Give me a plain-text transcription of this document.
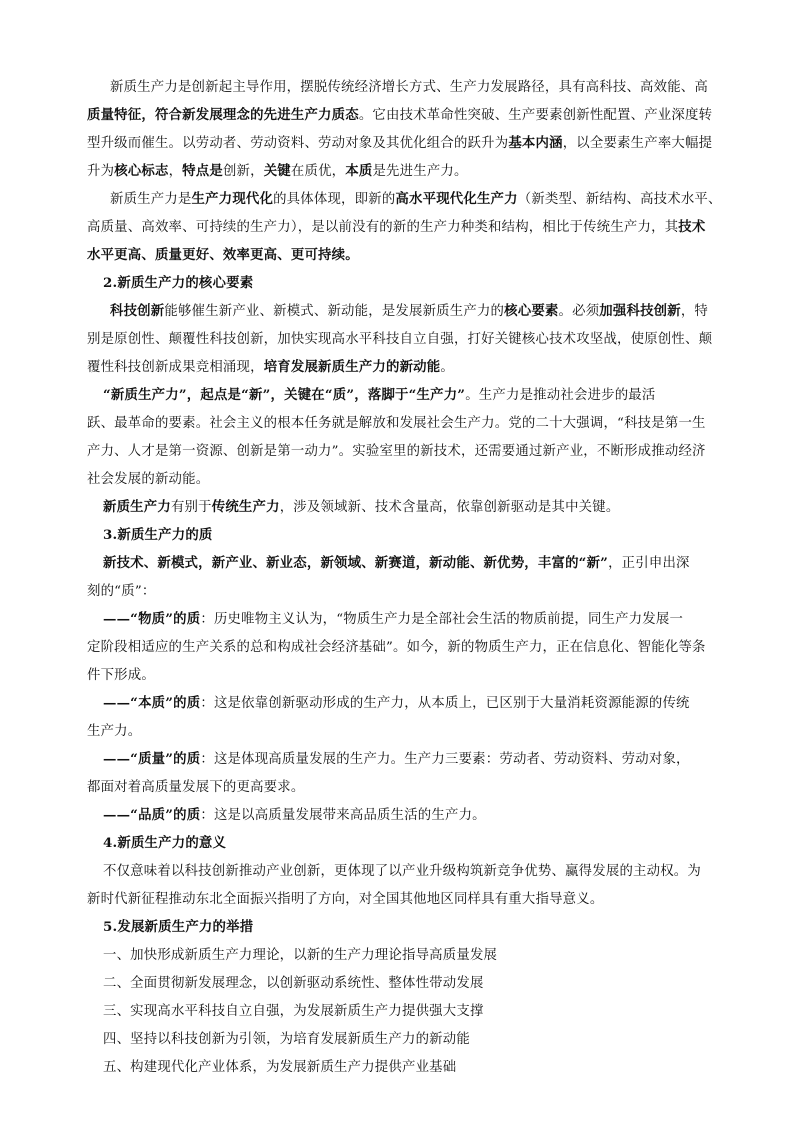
新质生产力是创新起主导作用，摆脱传统经济增长方式、生产力发展路径，具有高科技、高效能、高
质量特征，符合新发展理念的先进生产力质态。它由技术革命性突破、生产要素创新性配置、产业深度转
型升级而催生。以劳动者、劳动资料、劳动对象及其优化组合的跃升为基本内涵，以全要素生产率大幅提
升为核心标志，特点是创新，关键在质优，本质是先进生产力。
新质生产力是生产力现代化的具体体现，即新的高水平现代化生产力（新类型、新结构、高技术水平、
高质量、高效率、可持续的生产力），是以前没有的新的生产力种类和结构，相比于传统生产力，其技术
水平更高、质量更好、效率更高、更可持续。
2.新质生产力的核心要素
科技创新能够催生新产业、新模式、新动能，是发展新质生产力的核心要素。必须加强科技创新，特
别是原创性、颠覆性科技创新，加快实现高水平科技自立自强，打好关键核心技术攻坚战，使原创性、颠
覆性科技创新成果竞相涌现，培育发展新质生产力的新动能。
“新质生产力”，起点是“新”，关键在“质”，落脚于“生产力”。生产力是推动社会进步的最活
跃、最革命的要素。社会主义的根本任务就是解放和发展社会生产力。党的二十大强调，“科技是第一生
产力、人才是第一资源、创新是第一动力”。实验室里的新技术，还需要通过新产业，不断形成推动经济
社会发展的新动能。
新质生产力有别于传统生产力，涉及领域新、技术含量高，依靠创新驱动是其中关键。
3.新质生产力的质
新技术、新模式，新产业、新业态，新领域、新赛道，新动能、新优势，丰富的“新”，正引申出深
刻的“质”：
——“物质”的质：历史唯物主义认为，“物质生产力是全部社会生活的物质前提，同生产力发展一
定阶段相适应的生产关系的总和构成社会经济基础”。如今，新的物质生产力，正在信息化、智能化等条
件下形成。
——“本质”的质：这是依靠创新驱动形成的生产力，从本质上，已区别于大量消耗资源能源的传统
生产力。
——“质量”的质：这是体现高质量发展的生产力。生产力三要素：劳动者、劳动资料、劳动对象，
都面对着高质量发展下的更高要求。
——“品质”的质：这是以高质量发展带来高品质生活的生产力。
4.新质生产力的意义
不仅意味着以科技创新推动产业创新，更体现了以产业升级构筑新竞争优势、赢得发展的主动权。为
新时代新征程推动东北全面振兴指明了方向，对全国其他地区同样具有重大指导意义。
5.发展新质生产力的举措
一、加快形成新质生产力理论，以新的生产力理论指导高质量发展
二、全面贯彻新发展理念，以创新驱动系统性、整体性带动发展
三、实现高水平科技自立自强，为发展新质生产力提供强大支撑
四、坚持以科技创新为引领，为培育发展新质生产力的新动能
五、构建现代化产业体系，为发展新质生产力提供产业基础
